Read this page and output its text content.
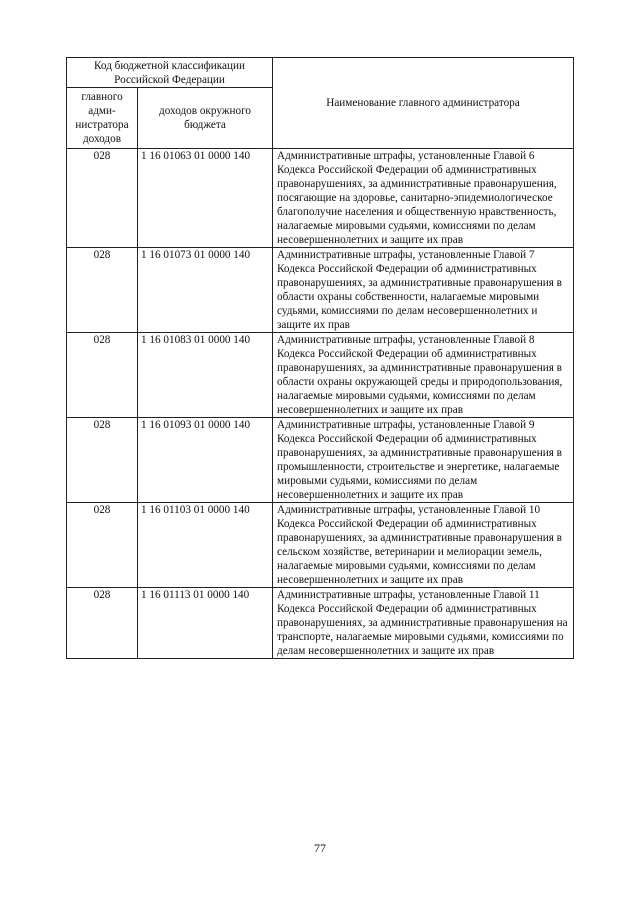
Код бюджетной классификации Российской Федерации		Наименование главного администратора
главного адми-нистратора доходов	доходов окружного бюджета	
028	1 16 01063 01 0000 140	Административные штрафы, установленные Главой 6 Кодекса Российской Федерации об административных правонарушениях, за административные правонарушения, посягающие на здоровье, санитарно-эпидемиологическое благополучие населения и общественную нравственность, налагаемые мировыми судьями, комиссиями по делам несовершеннолетних и защите их прав
028	1 16 01073 01 0000 140	Административные штрафы, установленные Главой 7 Кодекса Российской Федерации об административных правонарушениях, за административные правонарушения в области охраны собственности, налагаемые мировыми судьями, комиссиями по делам несовершеннолетних и защите их прав
028	1 16 01083 01 0000 140	Административные штрафы, установленные Главой 8 Кодекса Российской Федерации об административных правонарушениях, за административные правонарушения в области охраны окружающей среды и природопользования, налагаемые мировыми судьями, комиссиями по делам несовершеннолетних и защите их прав
028	1 16 01093 01 0000 140	Административные штрафы, установленные Главой 9 Кодекса Российской Федерации об административных правонарушениях, за административные правонарушения в промышленности, строительстве и энергетике, налагаемые мировыми судьями, комиссиями по делам несовершеннолетних и защите их прав
028	1 16 01103 01 0000 140	Административные штрафы, установленные Главой 10 Кодекса Российской Федерации об административных правонарушениях, за административные правонарушения в сельском хозяйстве, ветеринарии и мелиорации земель, налагаемые мировыми судьями, комиссиями по делам несовершеннолетних и защите их прав
028	1 16 01113 01 0000 140	Административные штрафы, установленные Главой 11 Кодекса Российской Федерации об административных правонарушениях, за административные правонарушения на транспорте, налагаемые мировыми судьями, комиссиями по делам несовершеннолетних и защите их прав
77
